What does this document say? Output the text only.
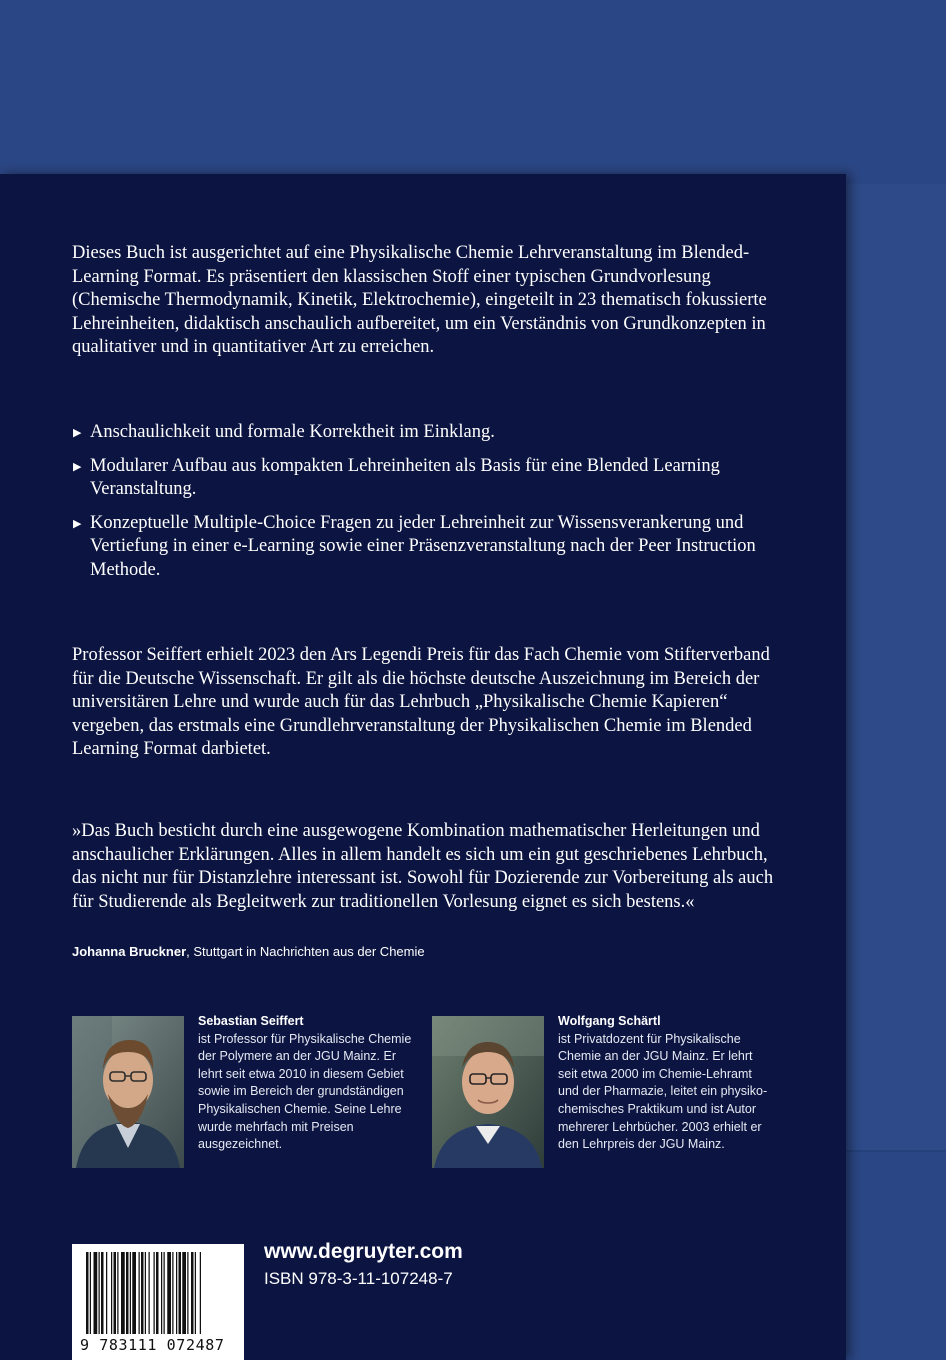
Dieses Buch ist ausgerichtet auf eine Physikalische Chemie Lehrveranstaltung im Blended-Learning Format. Es präsentiert den klassischen Stoff einer typischen Grundvorlesung (Chemische Thermodynamik, Kinetik, Elektrochemie), eingeteilt in 23 thematisch fokussierte Lehreinheiten, didaktisch anschaulich aufbereitet, um ein Verständnis von Grundkonzepten in qualitativer und in quantitativer Art zu erreichen.

▶ Anschaulichkeit und formale Korrektheit im Einklang.
▶ Modularer Aufbau aus kompakten Lehreinheiten als Basis für eine Blended Learning Veranstaltung.
▶ Konzeptuelle Multiple-Choice Fragen zu jeder Lehreinheit zur Wissensverankerung und Vertiefung in einer e-Learning sowie einer Präsenzveranstaltung nach der Peer Instruction Methode.

Professor Seiffert erhielt 2023 den Ars Legendi Preis für das Fach Chemie vom Stifterverband für die Deutsche Wissenschaft. Er gilt als die höchste deutsche Auszeichnung im Bereich der universitären Lehre und wurde auch für das Lehrbuch „Physikalische Chemie Kapieren“ vergeben, das erstmals eine Grundlehrveranstaltung der Physikalischen Chemie im Blended Learning Format darbietet.

»Das Buch besticht durch eine ausgewogene Kombination mathematischer Herleitungen und anschaulicher Erklärungen. Alles in allem handelt es sich um ein gut geschriebenes Lehrbuch, das nicht nur für Distanzlehre interessant ist. Sowohl für Dozierende zur Vorbereitung als auch für Studierende als Begleitwerk zur traditionellen Vorlesung eignet es sich bestens.«

Johanna Bruckner, Stuttgart in Nachrichten aus der Chemie

Sebastian Seiffert
ist Professor für Physikalische Chemie der Polymere an der JGU Mainz. Er lehrt seit etwa 2010 in diesem Gebiet sowie im Bereich der grundständigen Physikalischen Chemie. Seine Lehre wurde mehrfach mit Preisen ausgezeichnet.

Wolfgang Schärtl
ist Privatdozent für Physikalische Chemie an der JGU Mainz. Er lehrt seit etwa 2000 im Chemie-Lehramt und der Pharmazie, leitet ein physiko-chemisches Praktikum und ist Autor mehrerer Lehrbücher. 2003 erhielt er den Lehrpreis der JGU Mainz.

9 783111 072487
www.degruyter.com
ISBN 978-3-11-107248-7
